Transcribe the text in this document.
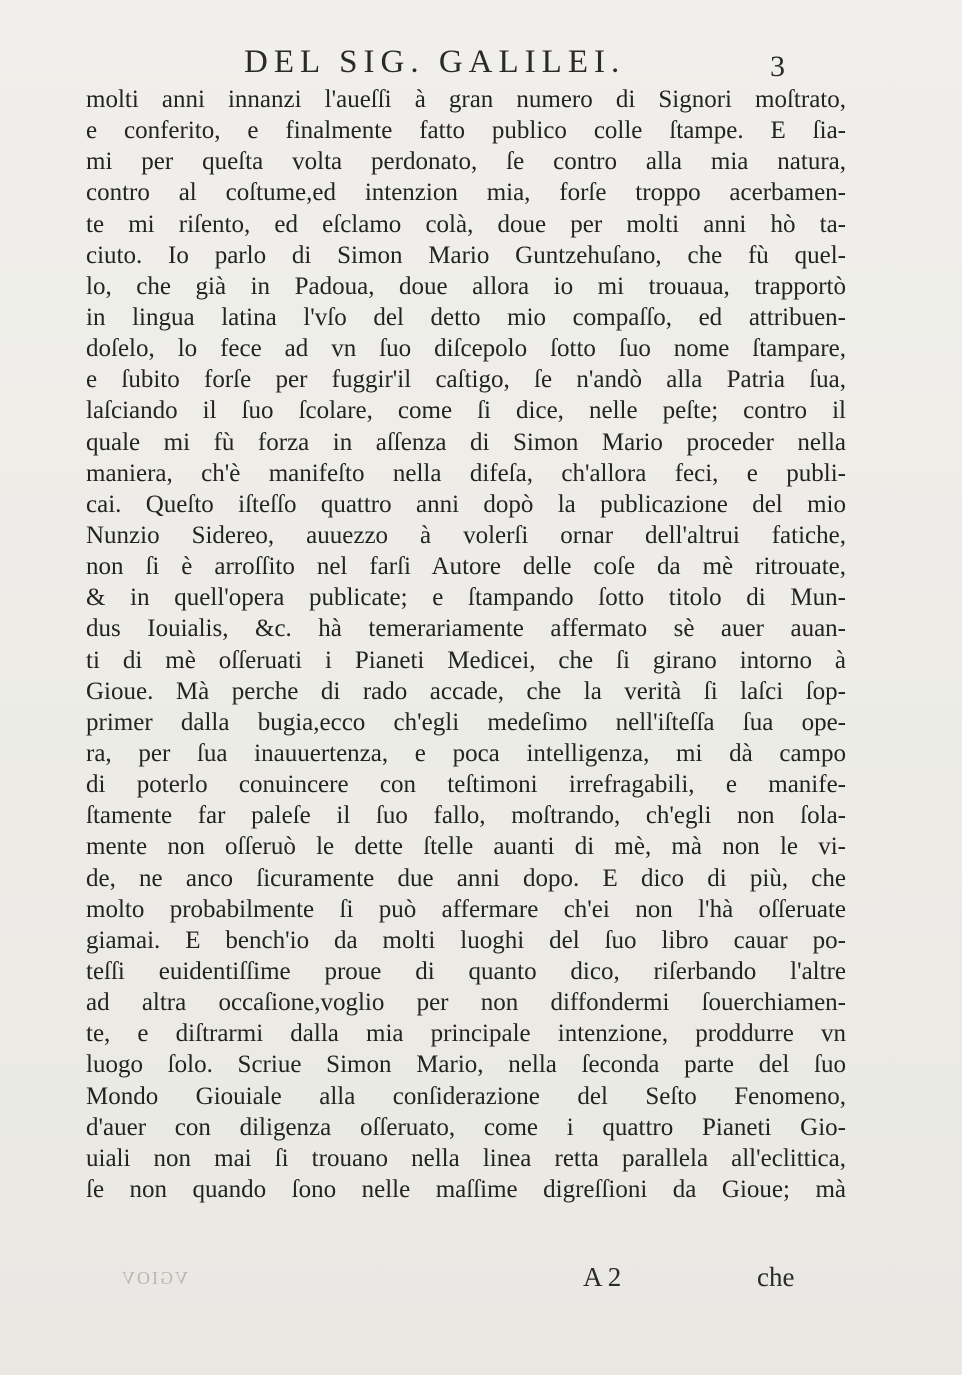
DEL SIG. GALILEI.	3
molti anni innanzi l'aueſſi à gran numero di Signori moſtrato,
e conferito, e finalmente fatto publico colle ſtampe. E ſia-
mi per queſta volta perdonato, ſe contro alla mia natura,
contro al coſtume,ed intenzion mia, forſe troppo acerbamen-
te mi riſento, ed eſclamo colà, doue per molti anni hò ta-
ciuto. Io parlo di Simon Mario Guntzehuſano, che fù quel-
lo, che già in Padoua, doue allora io mi trouaua, trapportò
in lingua latina l'vſo del detto mio compaſſo, ed attribuen-
doſelo, lo fece ad vn ſuo diſcepolo ſotto ſuo nome ſtampare,
e ſubito forſe per fuggir'il caſtigo, ſe n'andò alla Patria ſua,
laſciando il ſuo ſcolare, come ſi dice, nelle peſte; contro il
quale mi fù forza in aſſenza di Simon Mario proceder nella
maniera, ch'è manifeſto nella difeſa, ch'allora feci, e publi-
cai. Queſto iſteſſo quattro anni dopò la publicazione del mio
Nunzio Sidereo, auuezzo à volerſi ornar dell'altrui fatiche,
non ſi è arroſſito nel farſi Autore delle coſe da mè ritrouate,
& in quell'opera publicate; e ſtampando ſotto titolo di Mun-
dus Iouialis, &c. hà temerariamente affermato sè auer auan-
ti di mè oſſeruati i Pianeti Medicei, che ſi girano intorno à
Gioue. Mà perche di rado accade, che la verità ſi laſci ſop-
primer dalla bugia,ecco ch'egli medeſimo nell'iſteſſa ſua ope-
ra, per ſua inauuertenza, e poca intelligenza, mi dà campo
di poterlo conuincere con teſtimoni irrefragabili, e manife-
ſtamente far paleſe il ſuo fallo, moſtrando, ch'egli non ſola-
mente non oſſeruò le dette ſtelle auanti di mè, mà non le vi-
de, ne anco ſicuramente due anni dopo. E dico di più, che
molto probabilmente ſi può affermare ch'ei non l'hà oſſeruate
giamai. E bench'io da molti luoghi del ſuo libro cauar po-
teſſi euidentiſſime proue di quanto dico, riſerbando l'altre
ad altra occaſione,voglio per non diffondermi ſouerchiamen-
te, e diſtrarmi dalla mia principale intenzione, proddurre vn
luogo ſolo. Scriue Simon Mario, nella ſeconda parte del ſuo
Mondo Giouiale alla conſiderazione del Seſto Fenomeno,
d'auer con diligenza oſſeruato, come i quattro Pianeti Gio-
uiali non mai ſi trouano nella linea retta parallela all'eclittica,
ſe non quando ſono nelle maſſime digreſſioni da Gioue; mà
VGIOV	A 2	che
